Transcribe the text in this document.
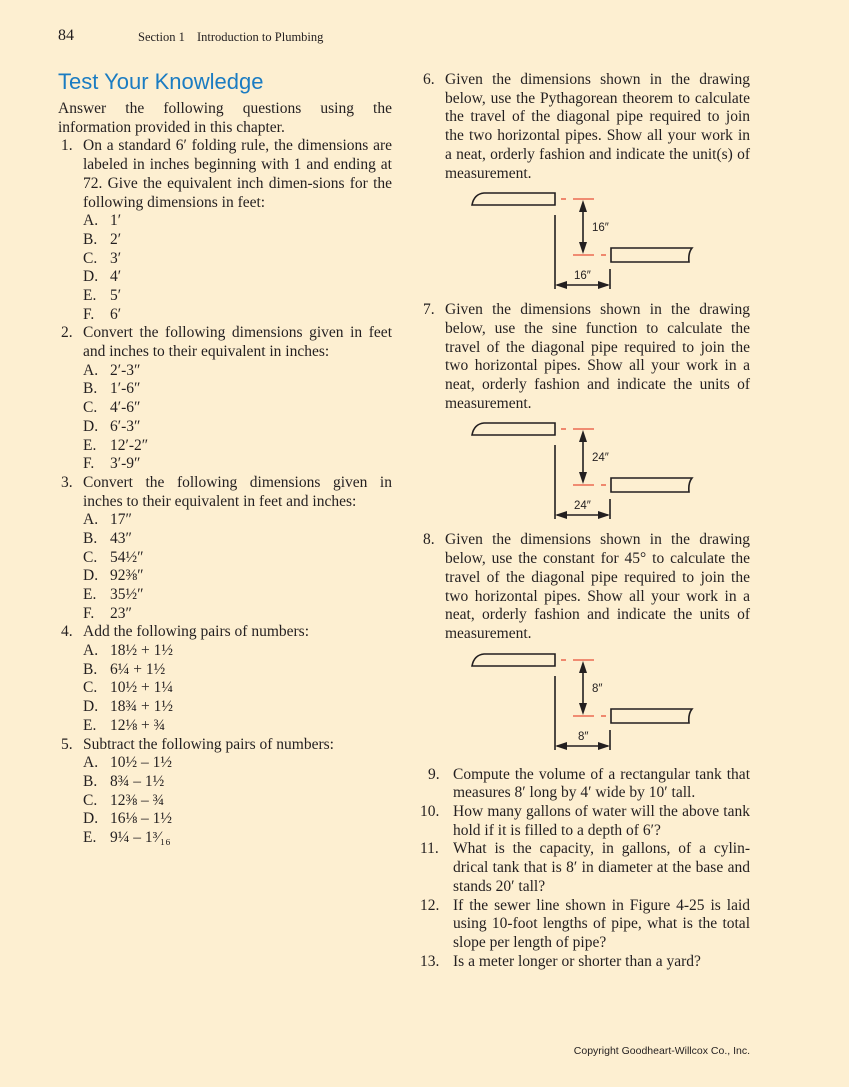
84	Section 1 Introduction to Plumbing
Test Your Knowledge

Answer the following questions using the information provided in this chapter.

1. On a standard 6′ folding rule, the dimensions are labeled in inches beginning with 1 and ending at 72. Give the equivalent inch dimen-sions for the following dimensions in feet:

A. 1′
B. 2′
C. 3′
D. 4′
E. 5′
F. 6′

2. Convert the following dimensions given in feet and inches to their equivalent in inches:

A. 2′-3″
B. 1′-6″
C. 4′-6″
D. 6′-3″
E. 12′-2″
F. 3′-9″

3. Convert the following dimensions given in inches to their equivalent in feet and inches:

A. 17″
B. 43″
C. 54½″
D. 92⅜″
E. 35½″
F. 23″

4. Add the following pairs of numbers:

A. 18½ + 1½
B. 6¼ + 1½
C. 10½ + 1¼
D. 18¾ + 1½
E. 12⅛ + ¾

5. Subtract the following pairs of numbers:

A. 10½ – 1½
B. 8¾ – 1½
C. 12⅜ – ¾
D. 16⅛ – 1½
E. 9¼ – 1³⁄₁₆

6. Given the dimensions shown in the drawing below, use the Pythagorean theorem to calculate the travel of the diagonal pipe required to join the two horizontal pipes. Show all your work in a neat, orderly fashion and indicate the unit(s) of measurement.

16″
16″

7. Given the dimensions shown in the drawing below, use the sine function to calculate the travel of the diagonal pipe required to join the two horizontal pipes. Show all your work in a neat, orderly fashion and indicate the units of measurement.

24″
24″

8. Given the dimensions shown in the drawing below, use the constant for 45° to calculate the travel of the diagonal pipe required to join the two horizontal pipes. Show all your work in a neat, orderly fashion and indicate the units of measurement.

8″
8″

9. Compute the volume of a rectangular tank that measures 8′ long by 4′ wide by 10′ tall.

10. How many gallons of water will the above tank hold if it is filled to a depth of 6′?

11. What is the capacity, in gallons, of a cylin-drical tank that is 8′ in diameter at the base and stands 20′ tall?

12. If the sewer line shown in Figure 4-25 is laid using 10-foot lengths of pipe, what is the total slope per length of pipe?

13. Is a meter longer or shorter than a yard?

Copyright Goodheart-Willcox Co., Inc.
